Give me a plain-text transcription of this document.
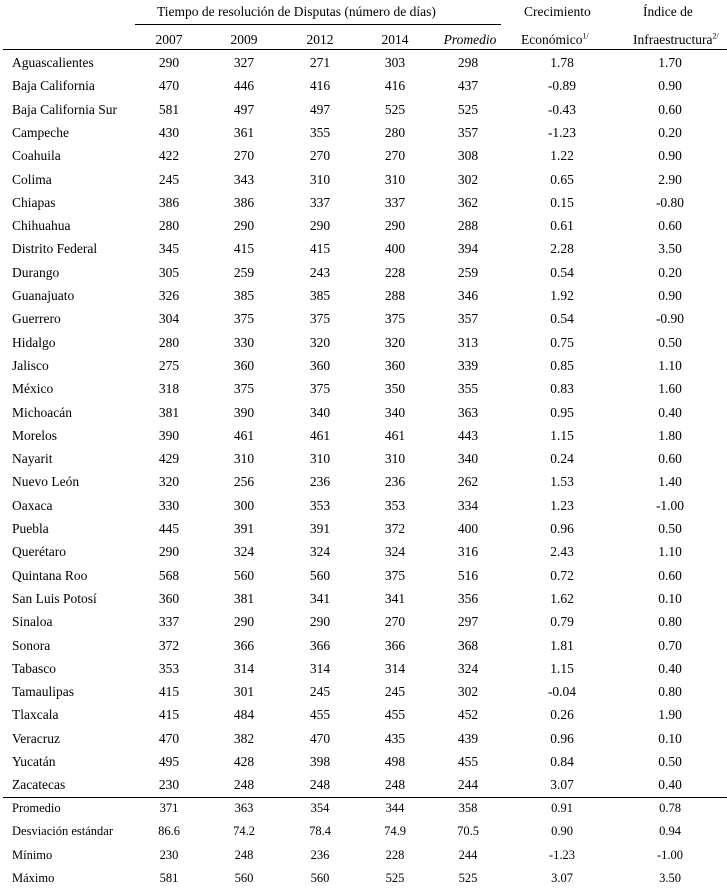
Tiempo de resolución de Disputas (número de días)	Crecimiento	Índice de
2007	2009	2012	2014	Promedio	Económico$^{1/}$	Infraestructura$^{2/}$
Aguascalientes	290	327	271	303	298	1.78	1.70
Baja California	470	446	416	416	437	-0.89	0.90
Baja California Sur	581	497	497	525	525	-0.43	0.60
Campeche	430	361	355	280	357	-1.23	0.20
Coahuila	422	270	270	270	308	1.22	0.90
Colima	245	343	310	310	302	0.65	2.90
Chiapas	386	386	337	337	362	0.15	-0.80
Chihuahua	280	290	290	290	288	0.61	0.60
Distrito Federal	345	415	415	400	394	2.28	3.50
Durango	305	259	243	228	259	0.54	0.20
Guanajuato	326	385	385	288	346	1.92	0.90
Guerrero	304	375	375	375	357	0.54	-0.90
Hidalgo	280	330	320	320	313	0.75	0.50
Jalisco	275	360	360	360	339	0.85	1.10
México	318	375	375	350	355	0.83	1.60
Michoacán	381	390	340	340	363	0.95	0.40
Morelos	390	461	461	461	443	1.15	1.80
Nayarit	429	310	310	310	340	0.24	0.60
Nuevo León	320	256	236	236	262	1.53	1.40
Oaxaca	330	300	353	353	334	1.23	-1.00
Puebla	445	391	391	372	400	0.96	0.50
Querétaro	290	324	324	324	316	2.43	1.10
Quintana Roo	568	560	560	375	516	0.72	0.60
San Luis Potosí	360	381	341	341	356	1.62	0.10
Sinaloa	337	290	290	270	297	0.79	0.80
Sonora	372	366	366	366	368	1.81	0.70
Tabasco	353	314	314	314	324	1.15	0.40
Tamaulipas	415	301	245	245	302	-0.04	0.80
Tlaxcala	415	484	455	455	452	0.26	1.90
Veracruz	470	382	470	435	439	0.96	0.10
Yucatán	495	428	398	498	455	0.84	0.50
Zacatecas	230	248	248	248	244	3.07	0.40
Promedio	371	363	354	344	358	0.91	0.78
Desviación estándar	86.6	74.2	78.4	74.9	70.5	0.90	0.94
Mínimo	230	248	236	228	244	-1.23	-1.00
Máximo	581	560	560	525	525	3.07	3.50
